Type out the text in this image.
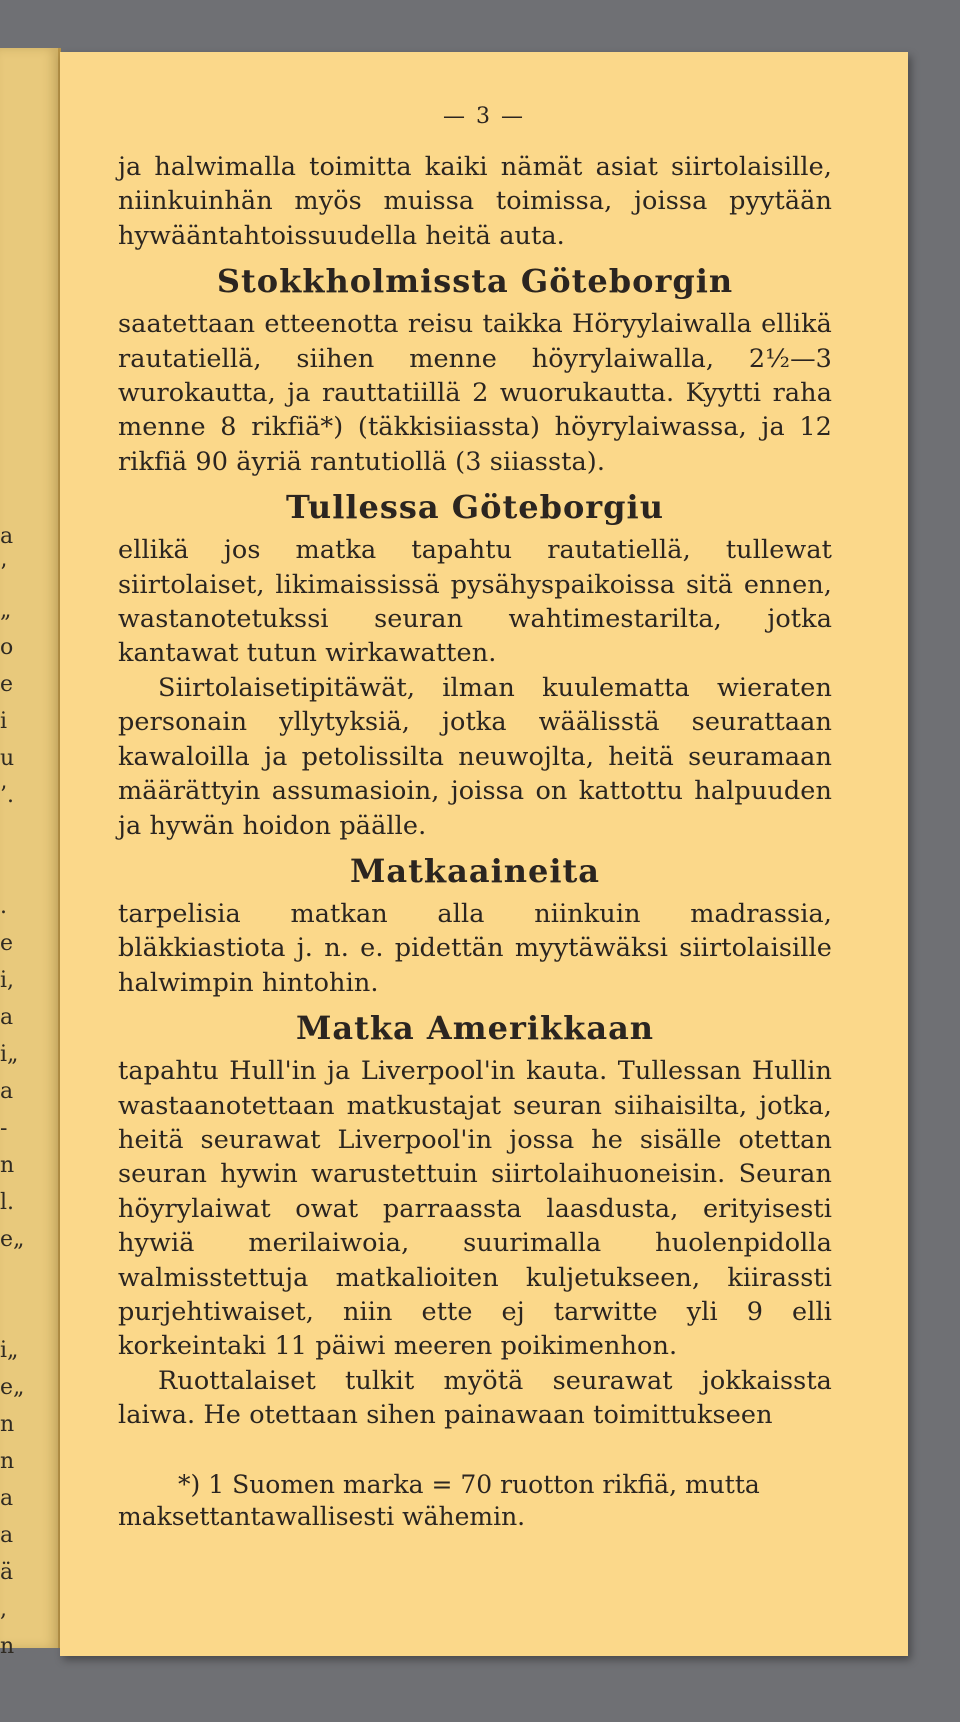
a
’
„
o
e
i
u
’.
.
e
i,
a
i„
a
-
n
l.
e„
i„
e„
n
n
a
a
ä
,
n
— 3 —

ja halwimalla toimitta kaiki nämät asiat siirtolaisille, niinkuinhän myös muissa toimissa, joissa pyytään hywääntahtoissuudella heitä auta.

Stokkholmissta Göteborgin

saatettaan etteenotta reisu taikka Höryylaiwalla ellikä rautatiellä, siihen menne höyrylaiwalla, 2½—3 wurokautta, ja rauttatiillä 2 wuorukautta. Kyytti raha menne 8 rikfiä*) (täkkisiiassta) höyrylaiwassa, ja 12 rikfiä 90 äyriä rantutiollä (3 siiassta).

Tullessa Göteborgiu

ellikä jos matka tapahtu rautatiellä, tullewat siirtolaiset, likimaississä pysähyspaikoissa sitä ennen, wastanotetukssi seuran wahtimestarilta, jotka kantawat tutun wirkawatten.

Siirtolaisetipitäwät, ilman kuulematta wieraten personain yllytyksiä, jotka wäälisstä seurattaan kawaloilla ja petolissilta neuwojlta, heitä seuramaan määrättyin assumasioin, joissa on kattottu halpuuden ja hywän hoidon päälle.

Matkaaineita

tarpelisia matkan alla niinkuin madrassia, bläkkiastiota j. n. e. pidettän myytäwäksi siirtolaisille halwimpin hintohin.

Matka Amerikkaan

tapahtu Hull'in ja Liverpool'in kauta. Tullessan Hullin wastaanotettaan matkustajat seuran siihaisilta, jotka, heitä seurawat Liverpool'in jossa he sisälle otettan seuran hywin warustettuin siirtolaihuoneisin. Seuran höyrylaiwat owat parraassta laasdusta, erityisesti hywiä merilaiwoia, suurimalla huolenpidolla walmisstettuja matkalioiten kuljetukseen, kiirassti purjehtiwaiset, niin ette ej tarwitte yli 9 elli korkeintaki 11 päiwi meeren poikimenhon.

Ruottalaiset tulkit myötä seurawat jokkaissta laiwa. He otettaan sihen painawaan toimittukseen

*) 1 Suomen marka = 70 ruotton rikfiä, mutta maksettantawallisesti wähemin.
